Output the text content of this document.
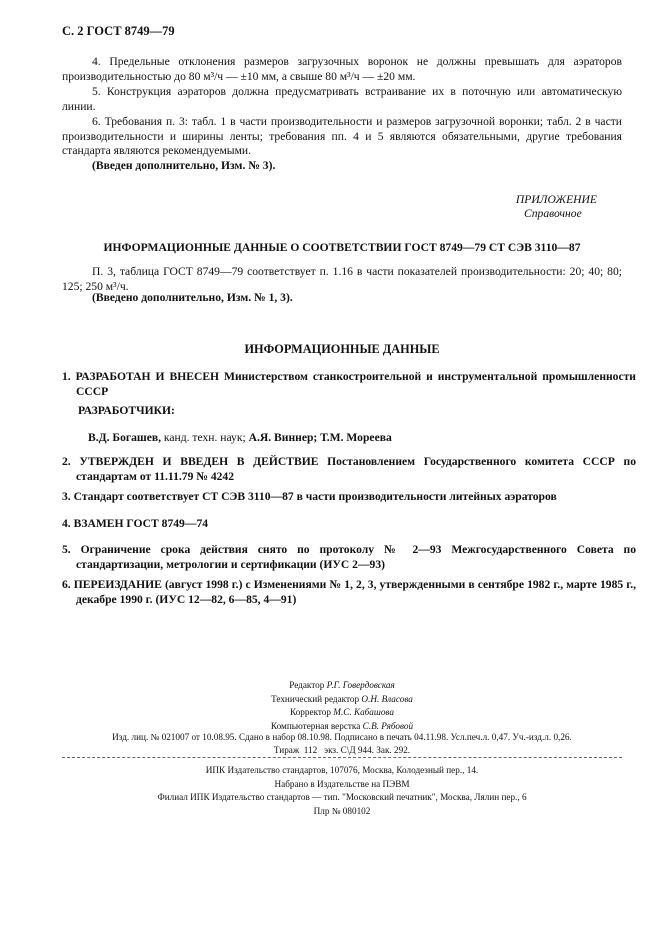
С. 2 ГОСТ 8749—79
4. Предельные отклонения размеров загрузочных воронок не должны превышать для аэраторов производительностью до 80 м³/ч — ±10 мм, а свыше 80 м³/ч — ±20 мм.
5. Конструкция аэраторов должна предусматривать встраивание их в поточную или автоматическую линии.
6. Требования п. 3: табл. 1 в части производительности и размеров загрузочной воронки; табл. 2 в части производительности и ширины ленты; требования пп. 4 и 5 являются обязательными, другие требования стандарта являются рекомендуемыми.
(Введен дополнительно, Изм. № 3).
ПРИЛОЖЕНИЕ
Справочное
ИНФОРМАЦИОННЫЕ ДАННЫЕ О СООТВЕТСТВИИ ГОСТ 8749—79 СТ СЭВ 3110—87
П. 3, таблица ГОСТ 8749—79 соответствует п. 1.16 в части показателей производительности: 20; 40; 80; 125; 250 м³/ч.
(Введено дополнительно, Изм. № 1, 3).
ИНФОРМАЦИОННЫЕ ДАННЫЕ
1. РАЗРАБОТАН И ВНЕСЕН Министерством станкостроительной и инструментальной промышленности СССР
РАЗРАБОТЧИКИ:
В.Д. Богашев, канд. техн. наук; А.Я. Виннер; Т.М. Мореева
2. УТВЕРЖДЕН И ВВЕДЕН В ДЕЙСТВИЕ Постановлением Государственного комитета СССР по стандартам от 11.11.79 № 4242
3. Стандарт соответствует СТ СЭВ 3110—87 в части производительности литейных аэраторов
4. ВЗАМЕН ГОСТ 8749—74
5. Ограничение срока действия снято по протоколу № 2—93 Межгосударственного Совета по стандартизации, метрологии и сертификации (ИУС 2—93)
6. ПЕРЕИЗДАНИЕ (август 1998 г.) с Изменениями № 1, 2, 3, утвержденными в сентябре 1982 г., марте 1985 г., декабре 1990 г. (ИУС 12—82, 6—85, 4—91)
Редактор Р.Г. Говердовская
Технический редактор О.Н. Власова
Корректор М.С. Кабашова
Компьютерная верстка С.В. Рябовой
Изд. лиц. № 021007 от 10.08.95. Сдано в набор 08.10.98. Подписано в печать 04.11.98. Усл.печ.л. 0,47. Уч.-изд.л. 0,26.
Тираж  112   экз. С\Д 944. Зак. 292.
ИПК Издательство стандартов, 107076, Москва, Колодезный пер., 14.
Набрано в Издательстве на ПЭВМ
Филиал ИПК Издательство стандартов — тип. "Московский печатник", Москва, Лялин пер., 6
Плр № 080102
